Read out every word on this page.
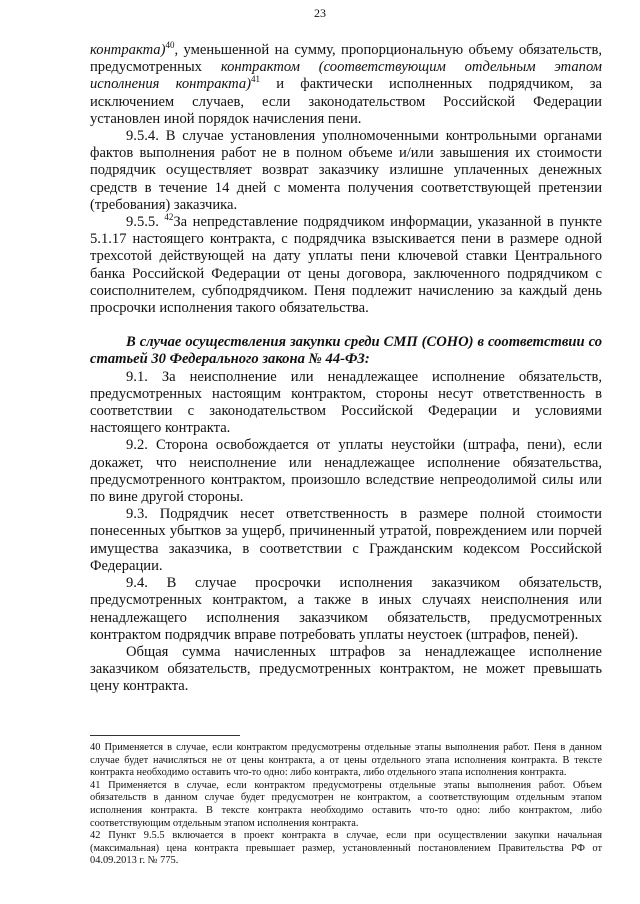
23

контракта)$^{40}$, уменьшенной на сумму, пропорциональную объему обязательств, предусмотренных контрактом (соответствующим отдельным этапом исполнения контракта)$^{41}$ и фактически исполненных подрядчиком, за исключением случаев, если законодательством Российской Федерации установлен иной порядок начисления пени.

9.5.4. В случае установления уполномоченными контрольными органами фактов выполнения работ не в полном объеме и/или завышения их стоимости подрядчик осуществляет возврат заказчику излишне уплаченных денежных средств в течение 14 дней с момента получения соответствующей претензии (требования) заказчика.

9.5.5. $^{42}$За непредставление подрядчиком информации, указанной в пункте 5.1.17 настоящего контракта, с подрядчика взыскивается пени в размере одной трехсотой действующей на дату уплаты пени ключевой ставки Центрального банка Российской Федерации от цены договора, заключенного подрядчиком с соисполнителем, субподрядчиком. Пеня подлежит начислению за каждый день просрочки исполнения такого обязательства.

В случае осуществления закупки среди СМП (СОНО) в соответствии со статьей 30 Федерального закона № 44-ФЗ:

9.1. За неисполнение или ненадлежащее исполнение обязательств, предусмотренных настоящим контрактом, стороны несут ответственность в соответствии с законодательством Российской Федерации и условиями настоящего контракта.

9.2. Сторона освобождается от уплаты неустойки (штрафа, пени), если докажет, что неисполнение или ненадлежащее исполнение обязательства, предусмотренного контрактом, произошло вследствие непреодолимой силы или по вине другой стороны.

9.3. Подрядчик несет ответственность в размере полной стоимости понесенных убытков за ущерб, причиненный утратой, повреждением или порчей имущества заказчика, в соответствии с Гражданским кодексом Российской Федерации.

9.4. В случае просрочки исполнения заказчиком обязательств, предусмотренных контрактом, а также в иных случаях неисполнения или ненадлежащего исполнения заказчиком обязательств, предусмотренных контрактом подрядчик вправе потребовать уплаты неустоек (штрафов, пеней).

Общая сумма начисленных штрафов за ненадлежащее исполнение заказчиком обязательств, предусмотренных контрактом, не может превышать цену контракта.

40 Применяется в случае, если контрактом предусмотрены отдельные этапы выполнения работ. Пеня в данном случае будет начисляться не от цены контракта, а от цены отдельного этапа исполнения контракта. В тексте контракта необходимо оставить что-то одно: либо контракта, либо отдельного этапа исполнения контракта.

41 Применяется в случае, если контрактом предусмотрены отдельные этапы выполнения работ. Объем обязательств в данном случае будет предусмотрен не контрактом, а соответствующим отдельным этапом исполнения контракта. В тексте контракта необходимо оставить что-то одно: либо контрактом, либо соответствующим отдельным этапом исполнения контракта.

42 Пункт 9.5.5 включается в проект контракта в случае, если при осуществлении закупки начальная (максимальная) цена контракта превышает размер, установленный постановлением Правительства РФ от 04.09.2013 г. № 775.
